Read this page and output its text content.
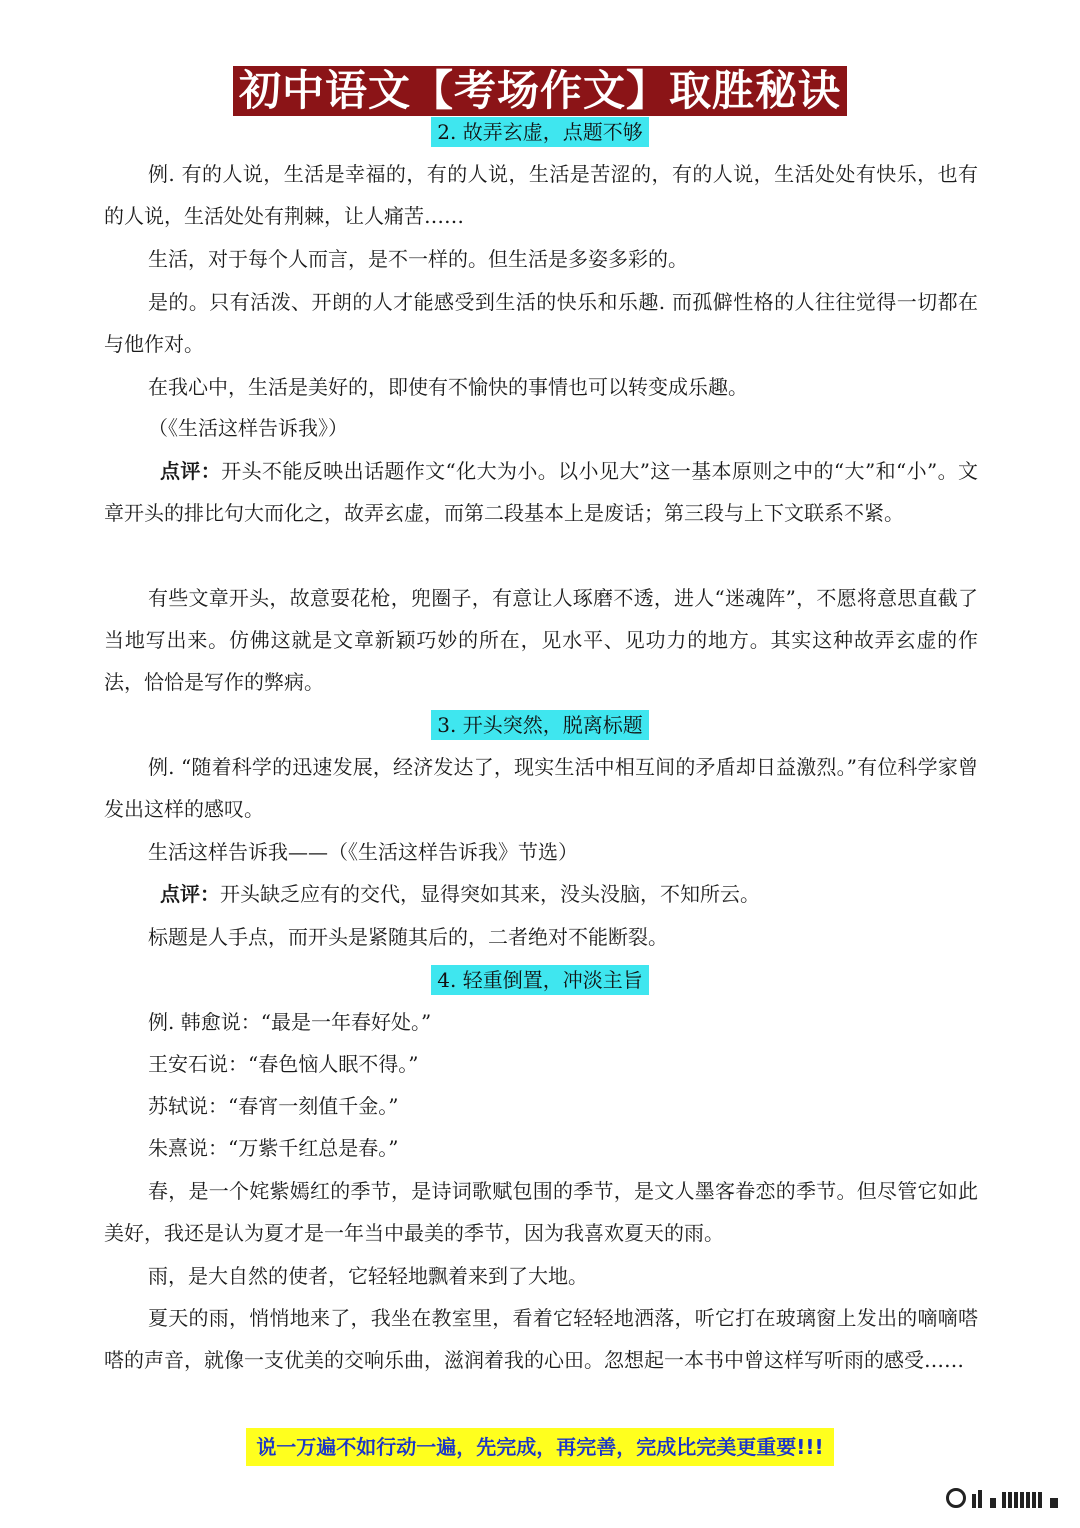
初中语文【考场作文】取胜秘诀
2. 故弄玄虚，点题不够

例. 有的人说，生活是幸福的，有的人说，生活是苦涩的，有的人说，生活处处有快乐，也有的人说，生活处处有荆棘，让人痛苦……

生活，对于每个人而言，是不一样的。但生活是多姿多彩的。

是的。只有活泼、开朗的人才能感受到生活的快乐和乐趣. 而孤僻性格的人往往觉得一切都在与他作对。

在我心中，生活是美好的，即使有不愉快的事情也可以转变成乐趣。

（《生活这样告诉我》）

点评：开头不能反映出话题作文“化大为小。以小见大”这一基本原则之中的“大”和“小”。文章开头的排比句大而化之，故弄玄虚，而第二段基本上是废话；第三段与上下文联系不紧。

有些文章开头，故意耍花枪，兜圈子，有意让人琢磨不透，进人“迷魂阵”，不愿将意思直截了当地写出来。仿佛这就是文章新颖巧妙的所在，见水平、见功力的地方。其实这种故弄玄虚的作法，恰恰是写作的弊病。

3. 开头突然，脱离标题

例. “随着科学的迅速发展，经济发达了，现实生活中相互间的矛盾却日益激烈。”有位科学家曾发出这样的感叹。

生活这样告诉我——（《生活这样告诉我》节选）

点评：开头缺乏应有的交代，显得突如其来，没头没脑，不知所云。

标题是人手点，而开头是紧随其后的，二者绝对不能断裂。

4. 轻重倒置，冲淡主旨

例. 韩愈说：“最是一年春好处。”

王安石说：“春色恼人眠不得。”

苏轼说：“春宵一刻值千金。”

朱熹说：“万紫千红总是春。”

春，是一个姹紫嫣红的季节，是诗词歌赋包围的季节，是文人墨客眷恋的季节。但尽管它如此美好，我还是认为夏才是一年当中最美的季节，因为我喜欢夏天的雨。

雨，是大自然的使者，它轻轻地飘着来到了大地。

夏天的雨，悄悄地来了，我坐在教室里，看着它轻轻地洒落，听它打在玻璃窗上发出的嘀嘀嗒嗒的声音，就像一支优美的交响乐曲，滋润着我的心田。忽想起一本书中曾这样写听雨的感受……

说一万遍不如行动一遍，先完成，再完善，完成比完美更重要!!!
